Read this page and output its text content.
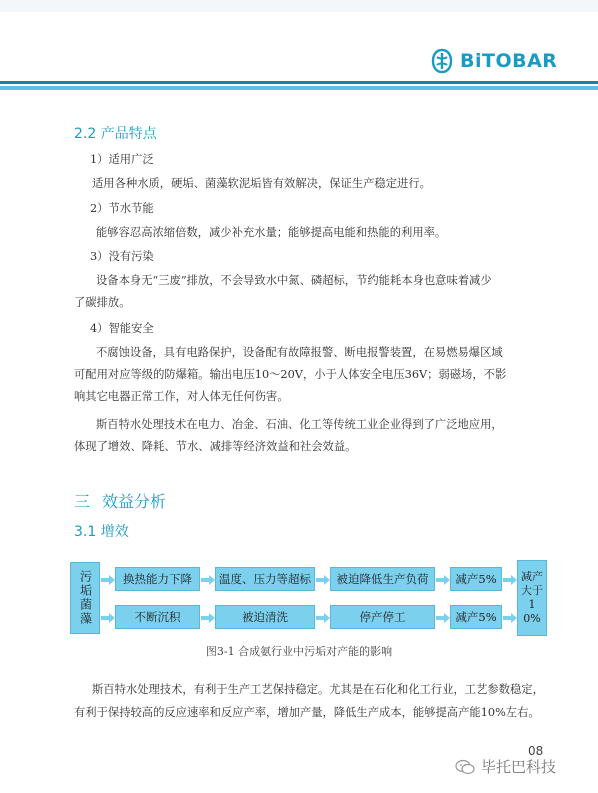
BiTOBAR
2.2 产品特点
1）适用广泛
适用各种水质，硬垢、菌藻软泥垢皆有效解决，保证生产稳定进行。
2）节水节能
能够容忍高浓缩倍数，减少补充水量；能够提高电能和热能的利用率。
3）没有污染
设备本身无“三废”排放，不会导致水中氮、磷超标，节约能耗本身也意味着减少
了碳排放。
4）智能安全
不腐蚀设备，具有电路保护，设备配有故障报警、断电报警装置，在易燃易爆区域
可配用对应等级的防爆箱。输出电压10～20V，小于人体安全电压36V；弱磁场，不影
响其它电器正常工作，对人体无任何伤害。
斯百特水处理技术在电力、冶金、石油、化工等传统工业企业得到了广泛地应用，
体现了增效、降耗、节水、减排等经济效益和社会效益。
三 效益分析
3.1 增效
污垢菌藻	换热能力下降	温度、压力等超标	被迫降低生产负荷	减产5%
不断沉积	被迫清洗	停产停工	减产5%
减产大于10%
图3-1 合成氨行业中污垢对产能的影响
斯百特水处理技术，有利于生产工艺保持稳定。尤其是在石化和化工行业，工艺参数稳定，
有利于保持较高的反应速率和反应产率，增加产量，降低生产成本，能够提高产能10%左右。
08
毕托巴科技
